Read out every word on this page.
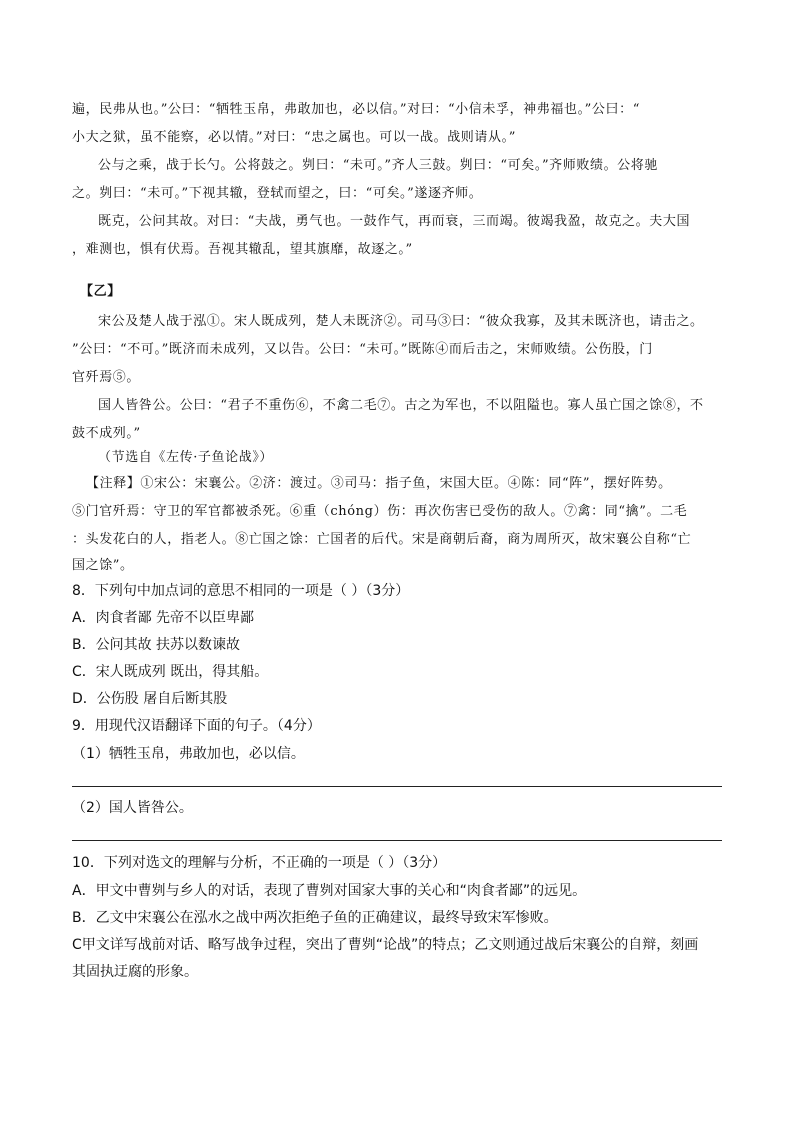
遍，民弗从也。”公曰：“牺牲玉帛，弗敢加也，必以信。”对曰：“小信未孚，神弗福也。”公曰：“
小大之狱，虽不能察，必以情。”对曰：“忠之属也。可以一战。战则请从。”
公与之乘，战于长勺。公将鼓之。刿曰：“未可。”齐人三鼓。刿曰：“可矣。”齐师败绩。公将驰
之。刿曰：“未可。”下视其辙，登轼而望之，曰：“可矣。”遂逐齐师。
既克，公问其故。对曰：“夫战，勇气也。一鼓作气，再而衰，三而竭。彼竭我盈，故克之。夫大国
，难测也，惧有伏焉。吾视其辙乱，望其旗靡，故逐之。”
【乙】
宋公及楚人战于泓①。宋人既成列，楚人未既济②。司马③曰：“彼众我寡，及其未既济也，请击之。
”公曰：“不可。”既济而未成列，又以告。公曰：“未可。”既陈④而后击之，宋师败绩。公伤股，门
官歼焉⑤。
国人皆咎公。公曰：“君子不重伤⑥，不禽二毛⑦。古之为军也，不以阻隘也。寡人虽亡国之馀⑧，不
鼓不成列。”
（节选自《左传·子鱼论战》）
【注释】①宋公：宋襄公。②济：渡过。③司马：指子鱼，宋国大臣。④陈：同“阵”，摆好阵势。
⑤门官歼焉：守卫的军官都被杀死。⑥重（chóng）伤：再次伤害已受伤的敌人。⑦禽：同“擒”。二毛
：头发花白的人，指老人。⑧亡国之馀：亡国者的后代。宋是商朝后裔，商为周所灭，故宋襄公自称“亡
国之馀”。
8．下列句中加点词的意思不相同的一项是（ ）（3分）
A．肉食者鄙 先帝不以臣卑鄙
B．公问其故 扶苏以数谏故
C．宋人既成列 既出，得其船。
D．公伤股 屠自后断其股
9．用现代汉语翻译下面的句子。（4分）
（1）牺牲玉帛，弗敢加也，必以信。
（2）国人皆咎公。
10．下列对选文的理解与分析，不正确的一项是（ ）（3分）
A．甲文中曹刿与乡人的对话，表现了曹刿对国家大事的关心和“肉食者鄙”的远见。
B．乙文中宋襄公在泓水之战中两次拒绝子鱼的正确建议，最终导致宋军惨败。
C甲文详写战前对话、略写战争过程，突出了曹刿“论战”的特点；乙文则通过战后宋襄公的自辩，刻画
其固执迂腐的形象。
